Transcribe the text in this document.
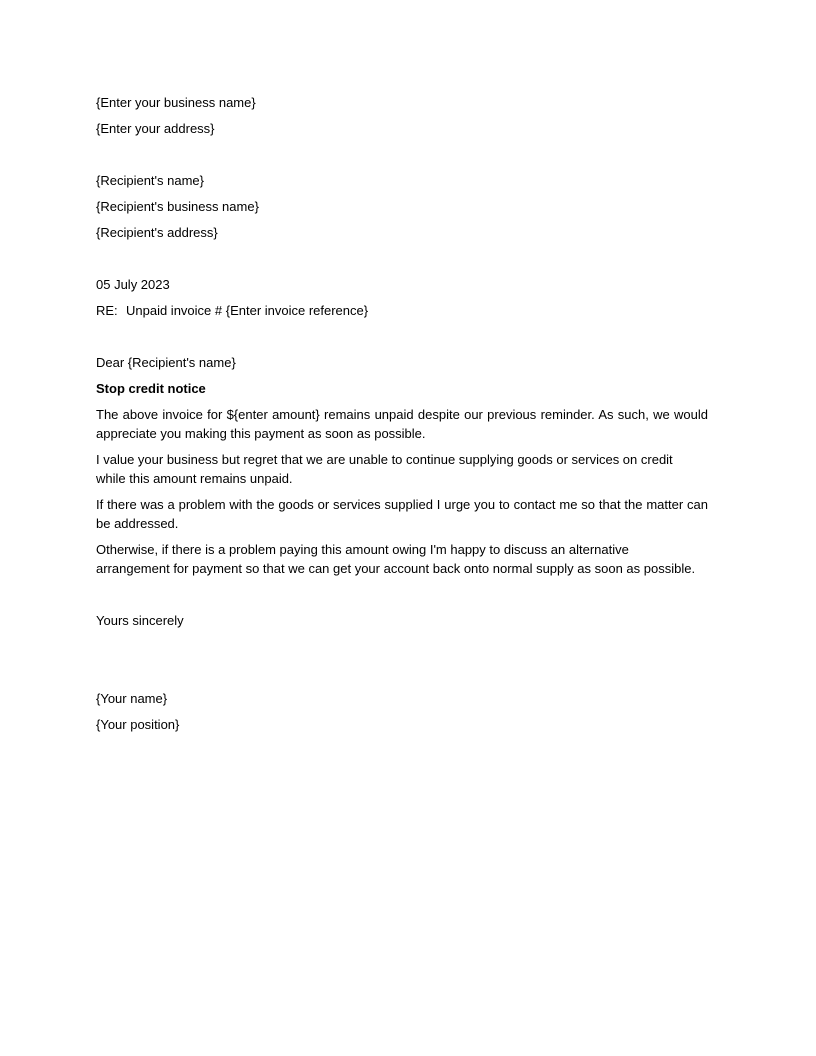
{Enter your business name}
{Enter your address}
{Recipient's name}
{Recipient's business name}
{Recipient's address}
05 July 2023
RE: Unpaid invoice # {Enter invoice reference}
Dear {Recipient's name}
Stop credit notice
The above invoice for ${enter amount} remains unpaid despite our previous reminder. As such, we would
appreciate you making this payment as soon as possible.
I value your business but regret that we are unable to continue supplying goods or services on credit
while this amount remains unpaid.
If there was a problem with the goods or services supplied I urge you to contact me so that the matter can
be addressed.
Otherwise, if there is a problem paying this amount owing I'm happy to discuss an alternative
arrangement for payment so that we can get your account back onto normal supply as soon as possible.
Yours sincerely
{Your name}
{Your position}
